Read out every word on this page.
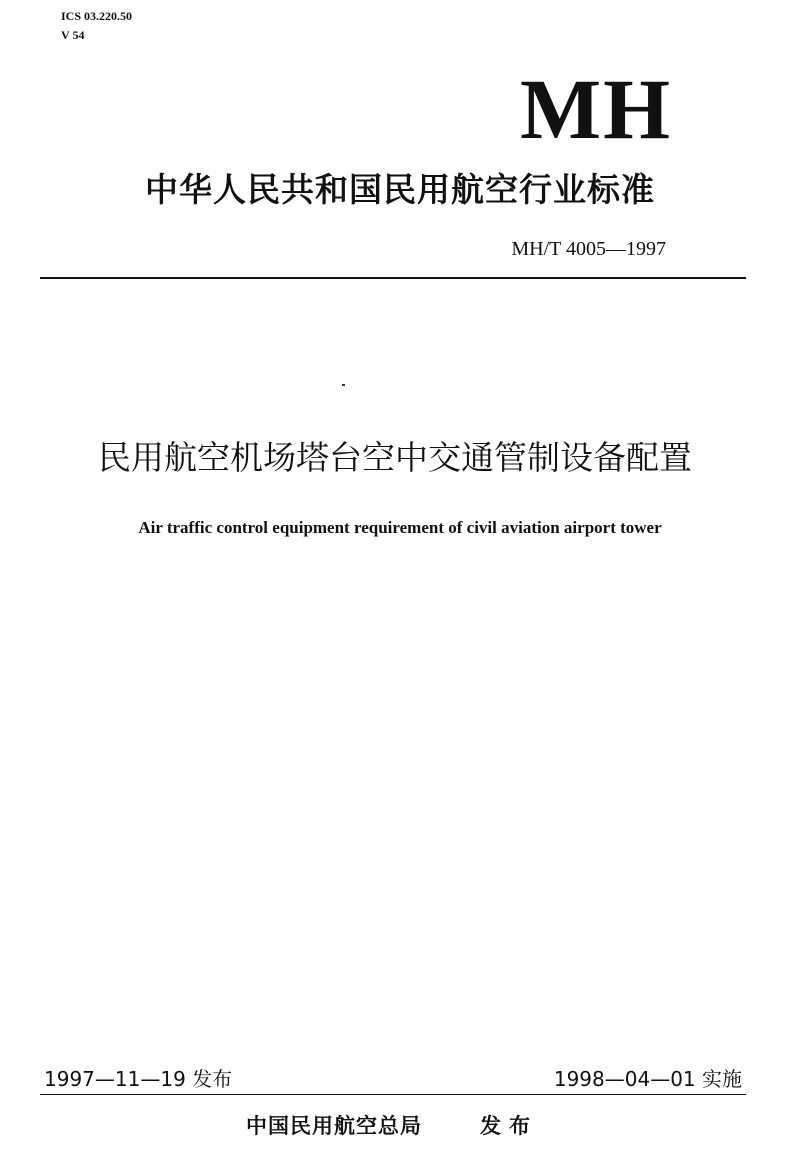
ICS 03.220.50
V 54
MH
中华人民共和国民用航空行业标准
MH/T 4005—1997
民用航空机场塔台空中交通管制设备配置
Air traffic control equipment requirement of civil aviation airport tower
1997—11—19 发布	1998—04—01 实施
中国民用航空总局	发布
